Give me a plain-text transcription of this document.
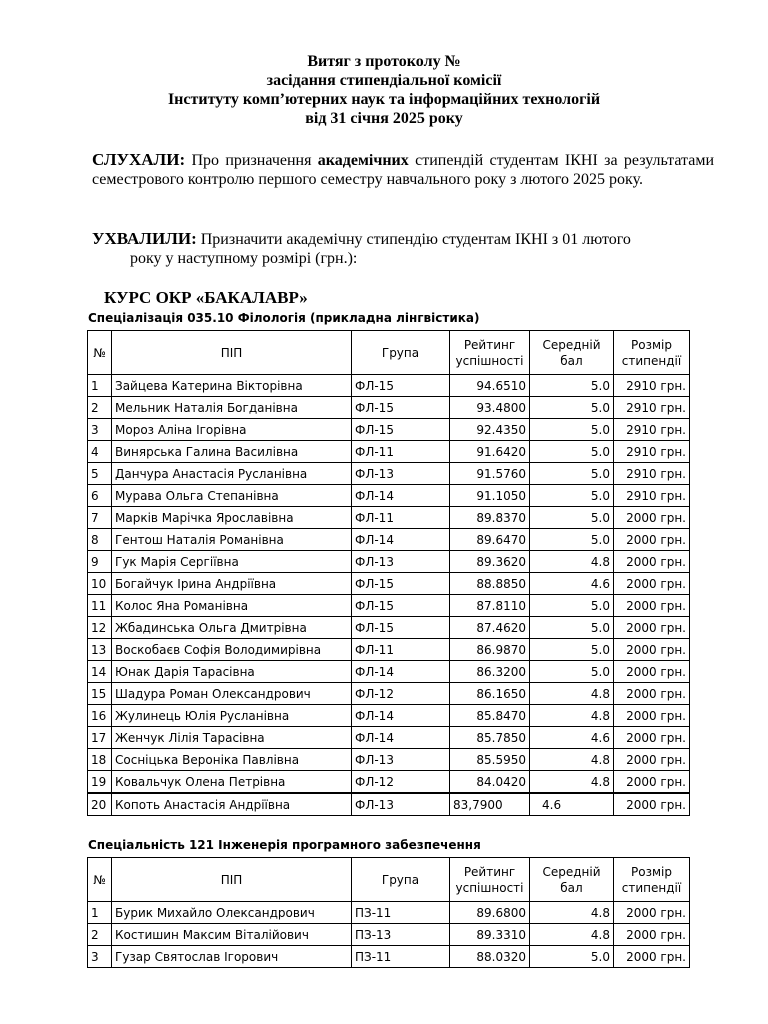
Витяг з протоколу №
засідання стипендіальної комісії
Інституту комп’ютерних наук та інформаційних технологій
від 31 січня 2025 року
СЛУХАЛИ: Про призначення академічних стипендій студентам ІКНІ за результатами семестрового контролю першого семестру навчального року з лютого 2025 року.
УХВАЛИЛИ: Призначити академічну стипендію студентам ІКНІ з 01 лютого
року у наступному розмірі (грн.):
КУРС ОКР «БАКАЛАВР»
Спеціалізація 035.10 Філологія (прикладна лінгвістика)
№	ПІП	Група	Рейтинг успішності	Середній бал	Розмір стипендії
1	Зайцева Катерина Вікторівна	ФЛ-15	94.6510	5.0	2910 грн.
2	Мельник Наталія Богданівна	ФЛ-15	93.4800	5.0	2910 грн.
3	Мороз Аліна Ігорівна	ФЛ-15	92.4350	5.0	2910 грн.
4	Винярська Галина Василівна	ФЛ-11	91.6420	5.0	2910 грн.
5	Данчура Анастасія Русланівна	ФЛ-13	91.5760	5.0	2910 грн.
6	Мурава Ольга Степанівна	ФЛ-14	91.1050	5.0	2910 грн.
7	Марків Марічка Ярославівна	ФЛ-11	89.8370	5.0	2000 грн.
8	Гентош Наталія Романівна	ФЛ-14	89.6470	5.0	2000 грн.
9	Гук Марія Сергіївна	ФЛ-13	89.3620	4.8	2000 грн.
10	Богайчук Ірина Андріївна	ФЛ-15	88.8850	4.6	2000 грн.
11	Колос Яна Романівна	ФЛ-15	87.8110	5.0	2000 грн.
12	Жбадинська Ольга Дмитрівна	ФЛ-15	87.4620	5.0	2000 грн.
13	Воскобаєв Софія Володимирівна	ФЛ-11	86.9870	5.0	2000 грн.
14	Юнак Дарія Тарасівна	ФЛ-14	86.3200	5.0	2000 грн.
15	Шадура Роман Олександрович	ФЛ-12	86.1650	4.8	2000 грн.
16	Жулинець Юлія Русланівна	ФЛ-14	85.8470	4.8	2000 грн.
17	Женчук Лілія Тарасівна	ФЛ-14	85.7850	4.6	2000 грн.
18	Сосніцька Вероніка Павлівна	ФЛ-13	85.5950	4.8	2000 грн.
19	Ковальчук Олена Петрівна	ФЛ-12	84.0420	4.8	2000 грн.
20	Копоть Анастасія Андріївна	ФЛ-13	83,7900	4.6	2000 грн.
Спеціальність 121 Інженерія програмного забезпечення
№	ПІП	Група	Рейтинг успішності	Середній бал	Розмір стипендії
1	Бурик Михайло Олександрович	ПЗ-11	89.6800	4.8	2000 грн.
2	Костишин Максим Віталійович	ПЗ-13	89.3310	4.8	2000 грн.
3	Гузар Святослав Ігорович	ПЗ-11	88.0320	5.0	2000 грн.
